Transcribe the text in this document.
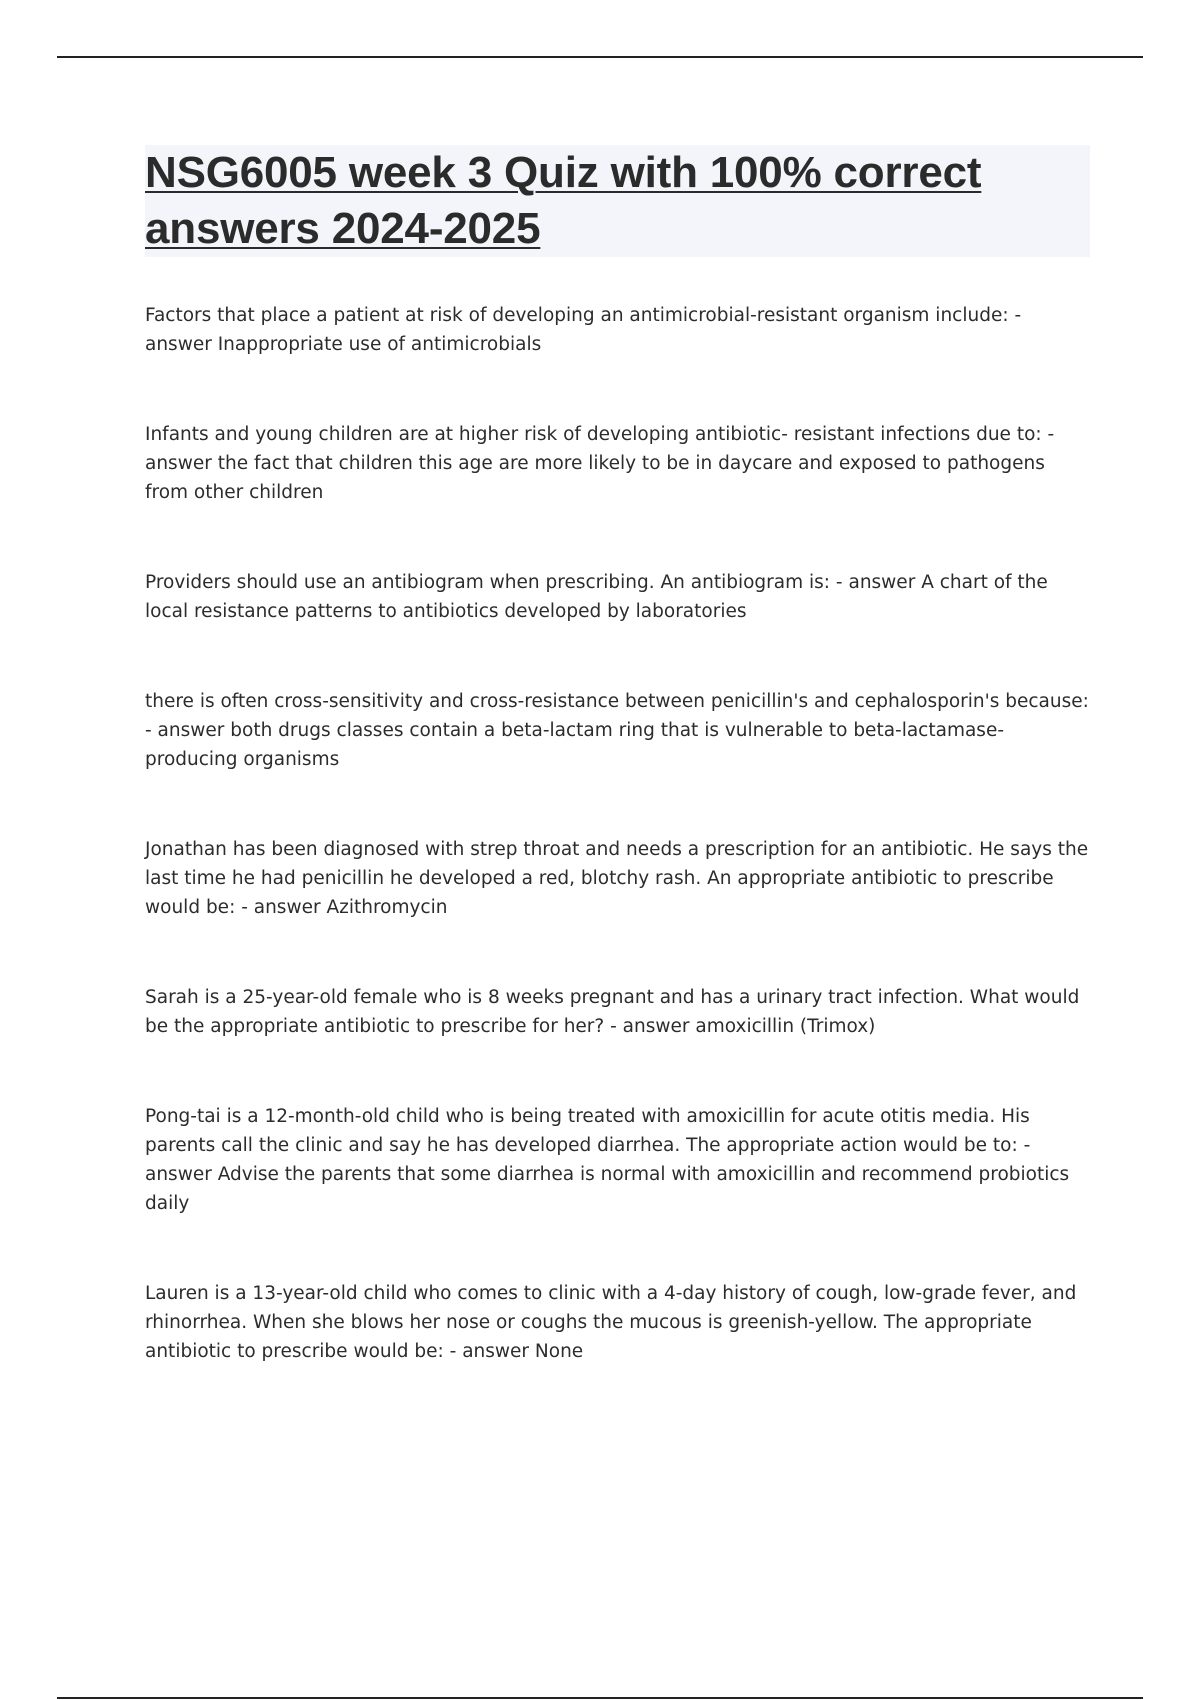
NSG6005 week 3 Quiz with 100% correct answers 2024-2025
Factors that place a patient at risk of developing an antimicrobial-resistant organism include: - answer Inappropriate use of antimicrobials
Infants and young children are at higher risk of developing antibiotic- resistant infections due to: - answer the fact that children this age are more likely to be in daycare and exposed to pathogens from other children
Providers should use an antibiogram when prescribing. An antibiogram is: - answer A chart of the local resistance patterns to antibiotics developed by laboratories
there is often cross-sensitivity and cross-resistance between penicillin's and cephalosporin's because:- answer both drugs classes contain a beta-lactam ring that is vulnerable to beta-lactamase-producing organisms
Jonathan has been diagnosed with strep throat and needs a prescription for an antibiotic. He says the last time he had penicillin he developed a red, blotchy rash. An appropriate antibiotic to prescribe would be: - answer Azithromycin
Sarah is a 25-year-old female who is 8 weeks pregnant and has a urinary tract infection. What would be the appropriate antibiotic to prescribe for her? - answer amoxicillin (Trimox)
Pong-tai is a 12-month-old child who is being treated with amoxicillin for acute otitis media. His parents call the clinic and say he has developed diarrhea. The appropriate action would be to: - answer Advise the parents that some diarrhea is normal with amoxicillin and recommend probiotics daily
Lauren is a 13-year-old child who comes to clinic with a 4-day history of cough, low-grade fever, and rhinorrhea. When she blows her nose or coughs the mucous is greenish-yellow. The appropriate antibiotic to prescribe would be: - answer None
